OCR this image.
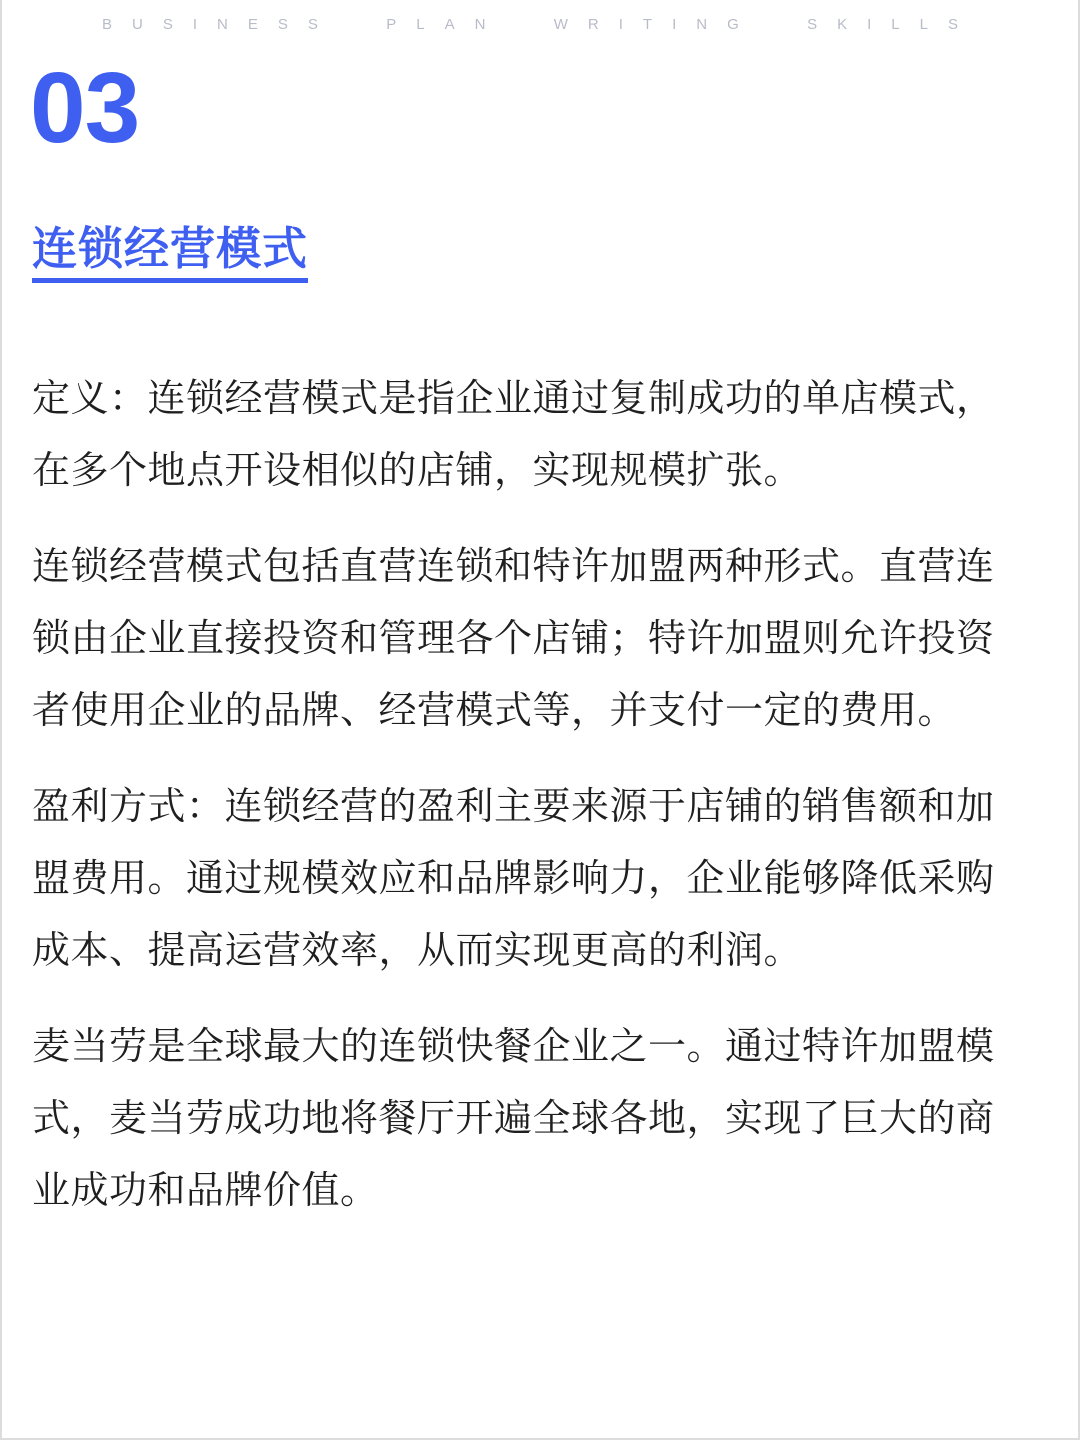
BUSINESS  PLAN  WRITING  SKILLS
03
连锁经营模式

定义：连锁经营模式是指企业通过复制成功的单店模式，在多个地点开设相似的店铺，实现规模扩张。

连锁经营模式包括直营连锁和特许加盟两种形式。直营连锁由企业直接投资和管理各个店铺；特许加盟则允许投资者使用企业的品牌、经营模式等，并支付一定的费用。

盈利方式：连锁经营的盈利主要来源于店铺的销售额和加盟费用。通过规模效应和品牌影响力，企业能够降低采购成本、提高运营效率，从而实现更高的利润。

麦当劳是全球最大的连锁快餐企业之一。通过特许加盟模式，麦当劳成功地将餐厅开遍全球各地，实现了巨大的商业成功和品牌价值。
